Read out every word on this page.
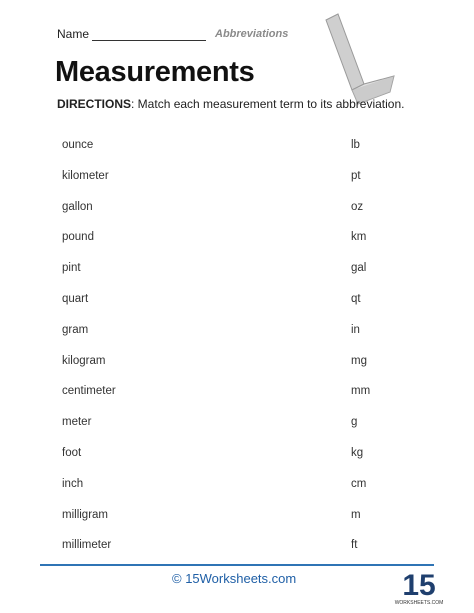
Name	Abbreviations
Measurements
DIRECTIONS: Match each measurement term to its abbreviation.
ounce
kilometer
gallon
pound
pint
quart
gram
kilogram
centimeter
meter
foot
inch
milligram
millimeter
lb
pt
oz
km
gal
qt
in
mg
mm
g
kg
cm
m
ft
© 15Worksheets.com	15
WORKSHEETS.COM
